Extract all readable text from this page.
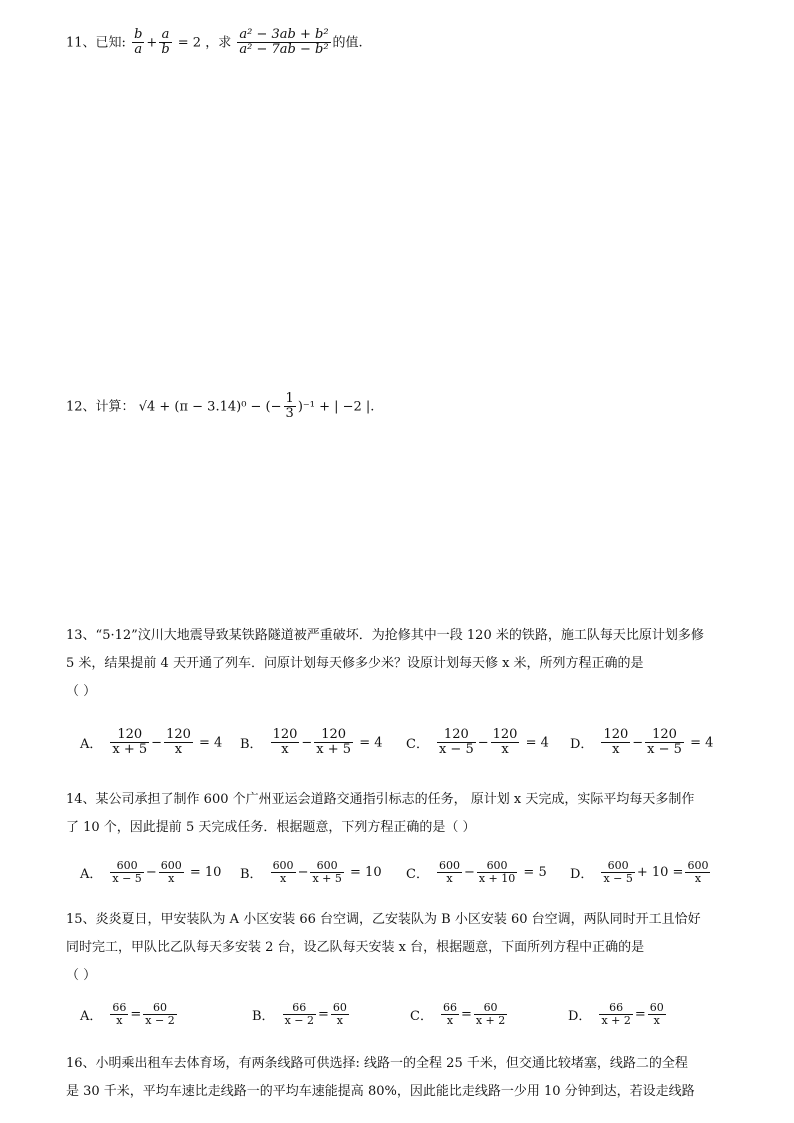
11、已知: $\frac{b}{a} + \frac{a}{b} = 2$ ，求 $\frac{\text{a² − 3ab + b²}}{\text{a² − 7ab − b²}}$ 的值.
12、计算： √4 + (π − 3.14)⁰ − (− $\frac{1}{3} )^{-1}$ + | −2 |.
13、“5·12”汶川大地震导致某铁路隧道被严重破坏．为抢修其中一段 120 米的铁路，施工队每天比原计划多修
5 米，结果提前 4 天开通了列车．问原计划每天修多少米？设原计划每天修 x 米，所列方程正确的是
（ ）
A． $\frac{120}{x + 5} - \frac{120}{x} = 4$ B． $\frac{120}{x} - \frac{120}{x + 5} = 4$ C． $\frac{120}{x - 5} - \frac{120}{x} = 4$ D． $\frac{120}{x} - \frac{120}{x - 5} = 4$
14、某公司承担了制作 600 个广州亚运会道路交通指引标志的任务， 原计划 x 天完成，实际平均每天多制作
了 10 个，因此提前 5 天完成任务．根据题意，下列方程正确的是（ ）
A． $\frac{600}{x - 5} - \frac{600}{x} = 10$ B． $\frac{600}{x} - \frac{600}{x + 5} = 10$ C． $\frac{600}{x} - \frac{600}{x + 10} = 5$ D． $\frac{600}{x - 5} + 10 = \frac{600}{x}$
15、炎炎夏日，甲安装队为 A 小区安装 66 台空调，乙安装队为 B 小区安装 60 台空调，两队同时开工且恰好
同时完工，甲队比乙队每天多安装 2 台，设乙队每天安装 x 台，根据题意，下面所列方程中正确的是
（ ）
A． $\frac{66}{x} = \frac{60}{x - 2}$	B． $\frac{66}{x - 2} = \frac{60}{x}$	C． $\frac{66}{x} = \frac{60}{x + 2}$	D． $\frac{66}{x + 2} = \frac{60}{x}$
16、小明乘出租车去体育场，有两条线路可供选择: 线路一的全程 25 千米，但交通比较堵塞，线路二的全程
是 30 千米，平均车速比走线路一的平均车速能提高 80%，因此能比走线路一少用 10 分钟到达，若设走线路
